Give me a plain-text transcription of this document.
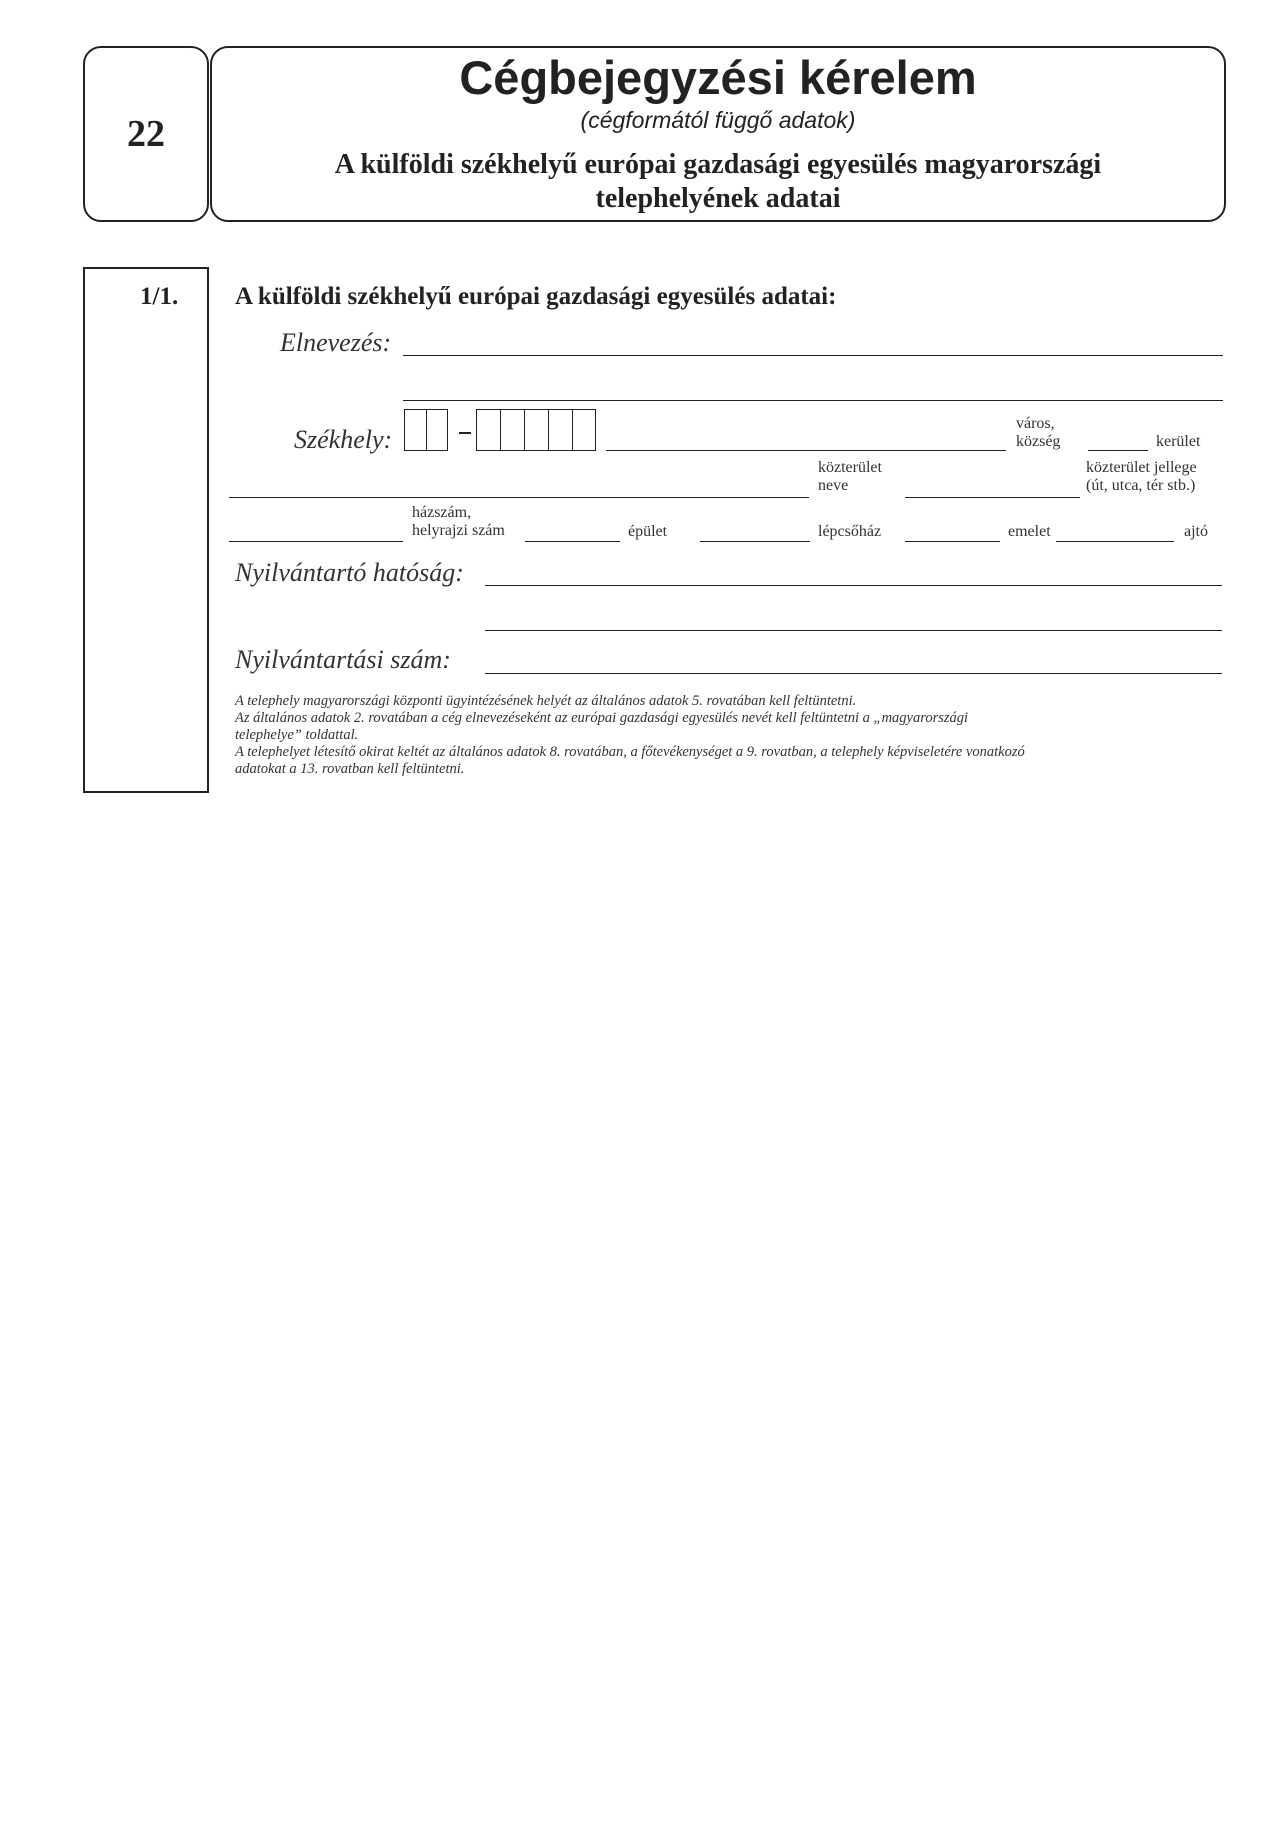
22
Cégbejegyzési kérelem
(cégformától függő adatok)
A külföldi székhelyű európai gazdasági egyesülés magyarországi
telephelyének adatai
1/1. A külföldi székhelyű európai gazdasági egyesülés adatai:
Elnevezés:
Székhely:
város,
község	kerület
közterület
neve
közterület jellege
(út, utca, tér stb.)
házszám,
helyrajzi szám	épület	lépcsőház	emelet	ajtó
Nyilvántartó hatóság:
Nyilvántartási szám:
A telephely magyarországi központi ügyintézésének helyét az általános adatok 5. rovatában kell feltüntetni.
Az általános adatok 2. rovatában a cég elnevezéseként az európai gazdasági egyesülés nevét kell feltüntetni a „magyarországi
telephelye” toldattal.
A telephelyet létesítő okirat keltét az általános adatok 8. rovatában, a főtevékenységet a 9. rovatban, a telephely képviseletére vonatkozó
adatokat a 13. rovatban kell feltüntetni.
